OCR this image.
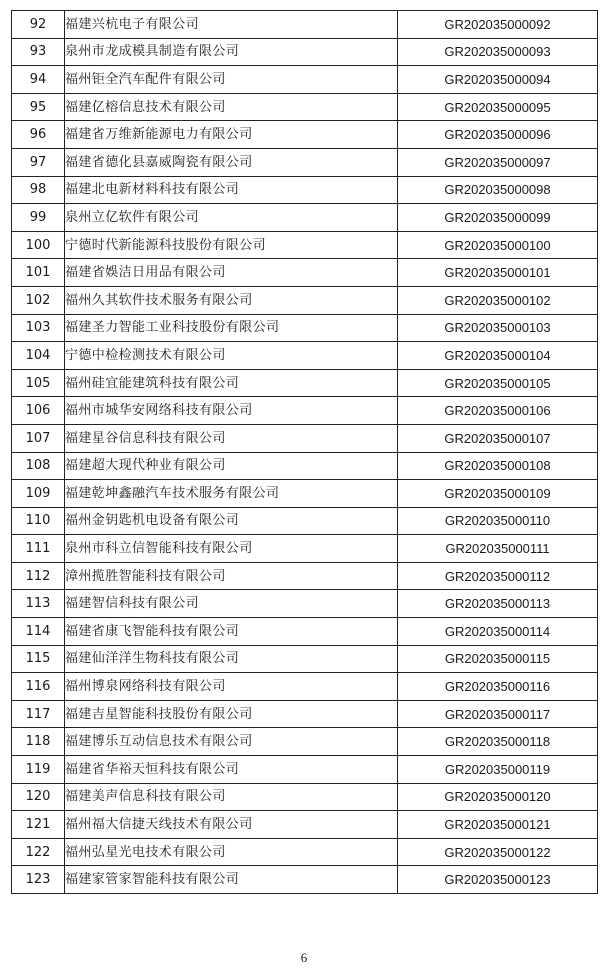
92	福建兴杭电子有限公司	GR202035000092
93	泉州市龙成模具制造有限公司	GR202035000093
94	福州钜全汽车配件有限公司	GR202035000094
95	福建亿榕信息技术有限公司	GR202035000095
96	福建省万维新能源电力有限公司	GR202035000096
97	福建省德化县嘉威陶瓷有限公司	GR202035000097
98	福建北电新材料科技有限公司	GR202035000098
99	泉州立亿软件有限公司	GR202035000099
100	宁德时代新能源科技股份有限公司	GR202035000100
101	福建省娛洁日用品有限公司	GR202035000101
102	福州久其软件技术服务有限公司	GR202035000102
103	福建圣力智能工业科技股份有限公司	GR202035000103
104	宁德中检检测技术有限公司	GR202035000104
105	福州硅宜能建筑科技有限公司	GR202035000105
106	福州市城华安网络科技有限公司	GR202035000106
107	福建星谷信息科技有限公司	GR202035000107
108	福建超大现代种业有限公司	GR202035000108
109	福建乾坤鑫融汽车技术服务有限公司	GR202035000109
110	福州金钥匙机电设备有限公司	GR202035000110
111	泉州市科立信智能科技有限公司	GR202035000111
112	漳州揽胜智能科技有限公司	GR202035000112
113	福建智信科技有限公司	GR202035000113
114	福建省康飞智能科技有限公司	GR202035000114
115	福建仙洋洋生物科技有限公司	GR202035000115
116	福州博泉网络科技有限公司	GR202035000116
117	福建吉星智能科技股份有限公司	GR202035000117
118	福建博乐互动信息技术有限公司	GR202035000118
119	福建省华裕天恒科技有限公司	GR202035000119
120	福建美声信息科技有限公司	GR202035000120
121	福州福大信捷天线技术有限公司	GR202035000121
122	福州弘星光电技术有限公司	GR202035000122
123	福建家管家智能科技有限公司	GR202035000123
6
